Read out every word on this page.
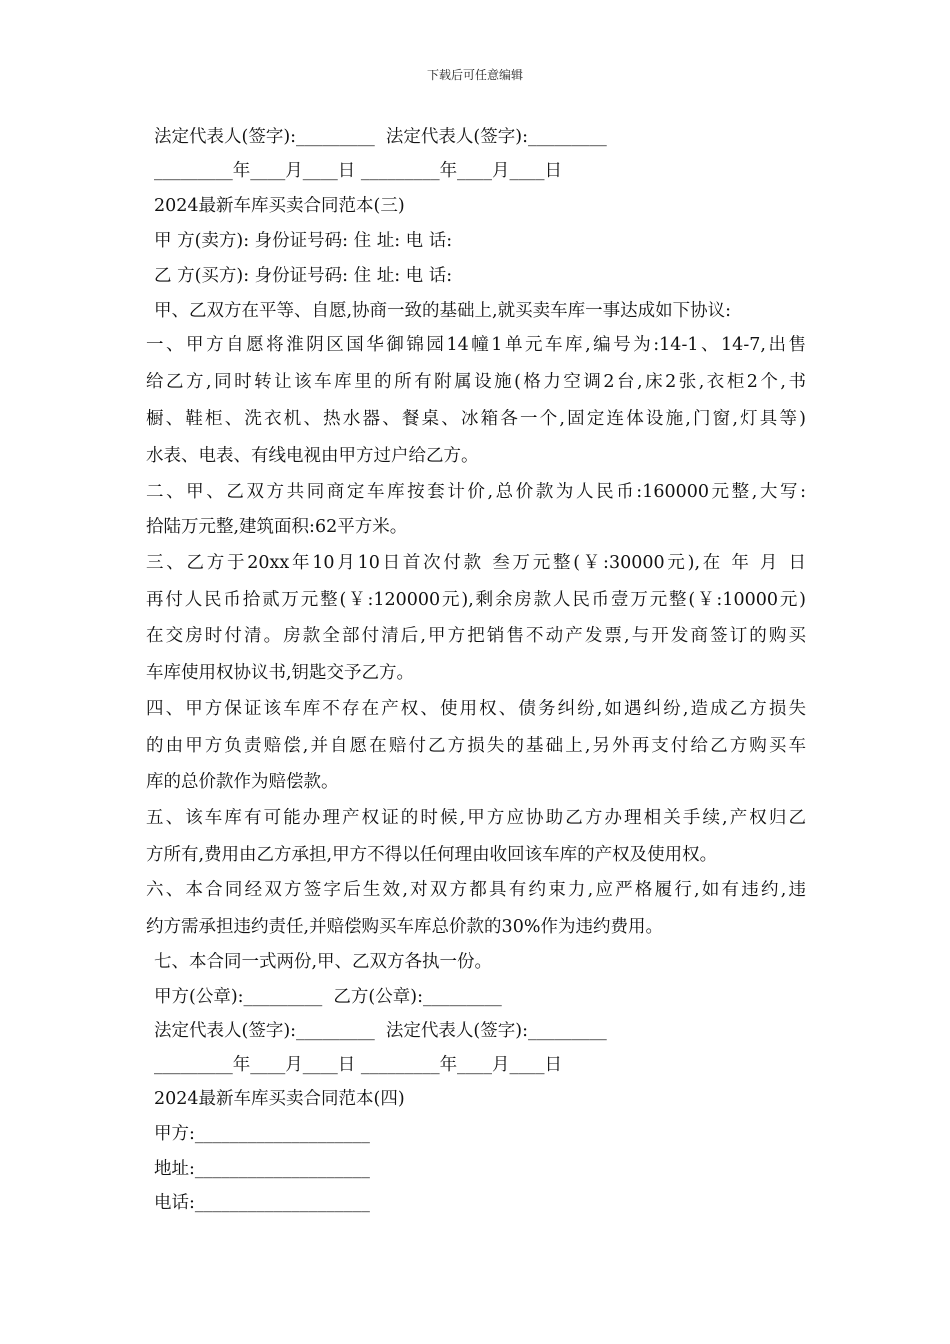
下载后可任意编辑
法定代表人(签字):_________  法定代表人(签字):_________
_________年____月____日 _________年____月____日
2024最新车库买卖合同范本(三)
甲 方(卖方): 身份证号码: 住 址: 电 话:
乙 方(买方): 身份证号码: 住 址: 电 话:
甲、乙双方在平等、自愿,协商一致的基础上,就买卖车库一事达成如下协议:
一、甲方自愿将淮阴区国华御锦园14幢1单元车库,编号为:14-1、14-7,出售
给乙方,同时转让该车库里的所有附属设施(格力空调2台,床2张,衣柜2个,书
橱、鞋柜、洗衣机、热水器、餐桌、冰箱各一个,固定连体设施,门窗,灯具等)
水表、电表、有线电视由甲方过户给乙方。
二、甲、乙双方共同商定车库按套计价,总价款为人民币:160000元整,大写:
拾陆万元整,建筑面积:62平方米。
三、乙方于20xx年10月10日首次付款 叁万元整(￥:30000元),在 年 月 日
再付人民币拾贰万元整(￥:120000元),剩余房款人民币壹万元整(￥:10000元)
在交房时付清。房款全部付清后,甲方把销售不动产发票,与开发商签订的购买
车库使用权协议书,钥匙交予乙方。
四、甲方保证该车库不存在产权、使用权、债务纠纷,如遇纠纷,造成乙方损失
的由甲方负责赔偿,并自愿在赔付乙方损失的基础上,另外再支付给乙方购买车
库的总价款作为赔偿款。
五、该车库有可能办理产权证的时候,甲方应协助乙方办理相关手续,产权归乙
方所有,费用由乙方承担,甲方不得以任何理由收回该车库的产权及使用权。
六、本合同经双方签字后生效,对双方都具有约束力,应严格履行,如有违约,违
约方需承担违约责任,并赔偿购买车库总价款的30%作为违约费用。
七、本合同一式两份,甲、乙双方各执一份。
甲方(公章):_________  乙方(公章):_________
法定代表人(签字):_________  法定代表人(签字):_________
_________年____月____日 _________年____月____日
2024最新车库买卖合同范本(四)
甲方:____________________
地址:____________________
电话:____________________
